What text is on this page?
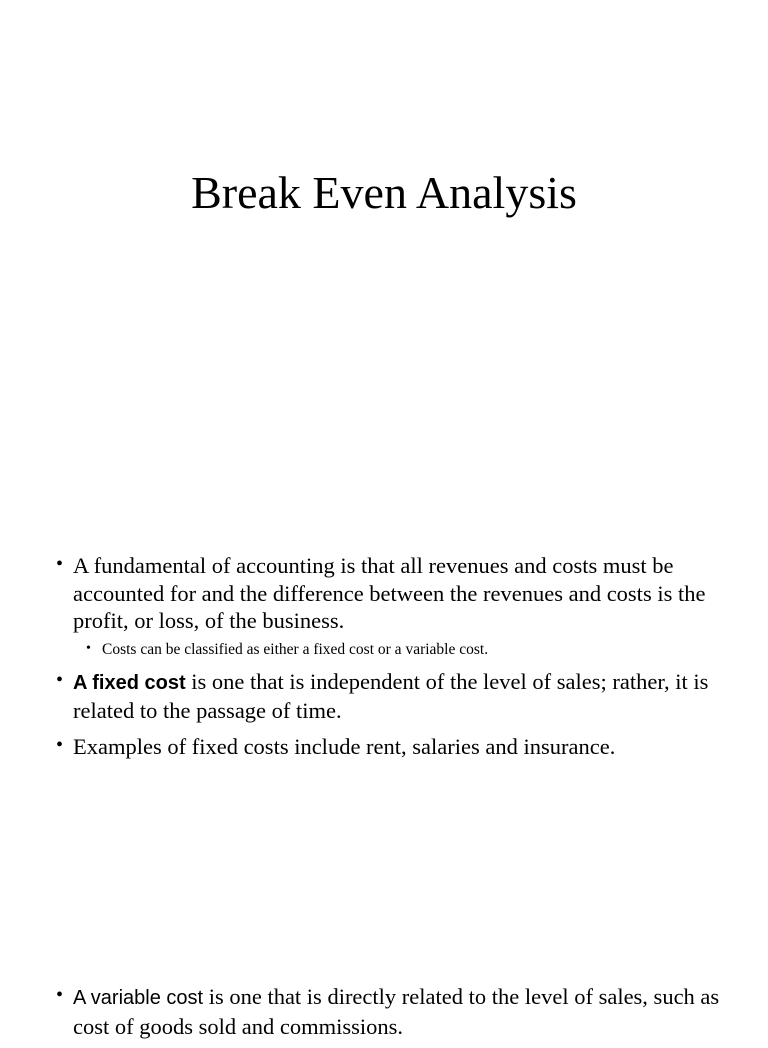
Break Even Analysis
• A fundamental of accounting is that all revenues and costs must be accounted for and the difference between the revenues and costs is the profit, or loss, of the business.
• Costs can be classified as either a fixed cost or a variable cost.
• A fixed cost is one that is independent of the level of sales; rather, it is related to the passage of time.
• Examples of fixed costs include rent, salaries and insurance.
• A variable cost is one that is directly related to the level of sales, such as cost of goods sold and commissions.
